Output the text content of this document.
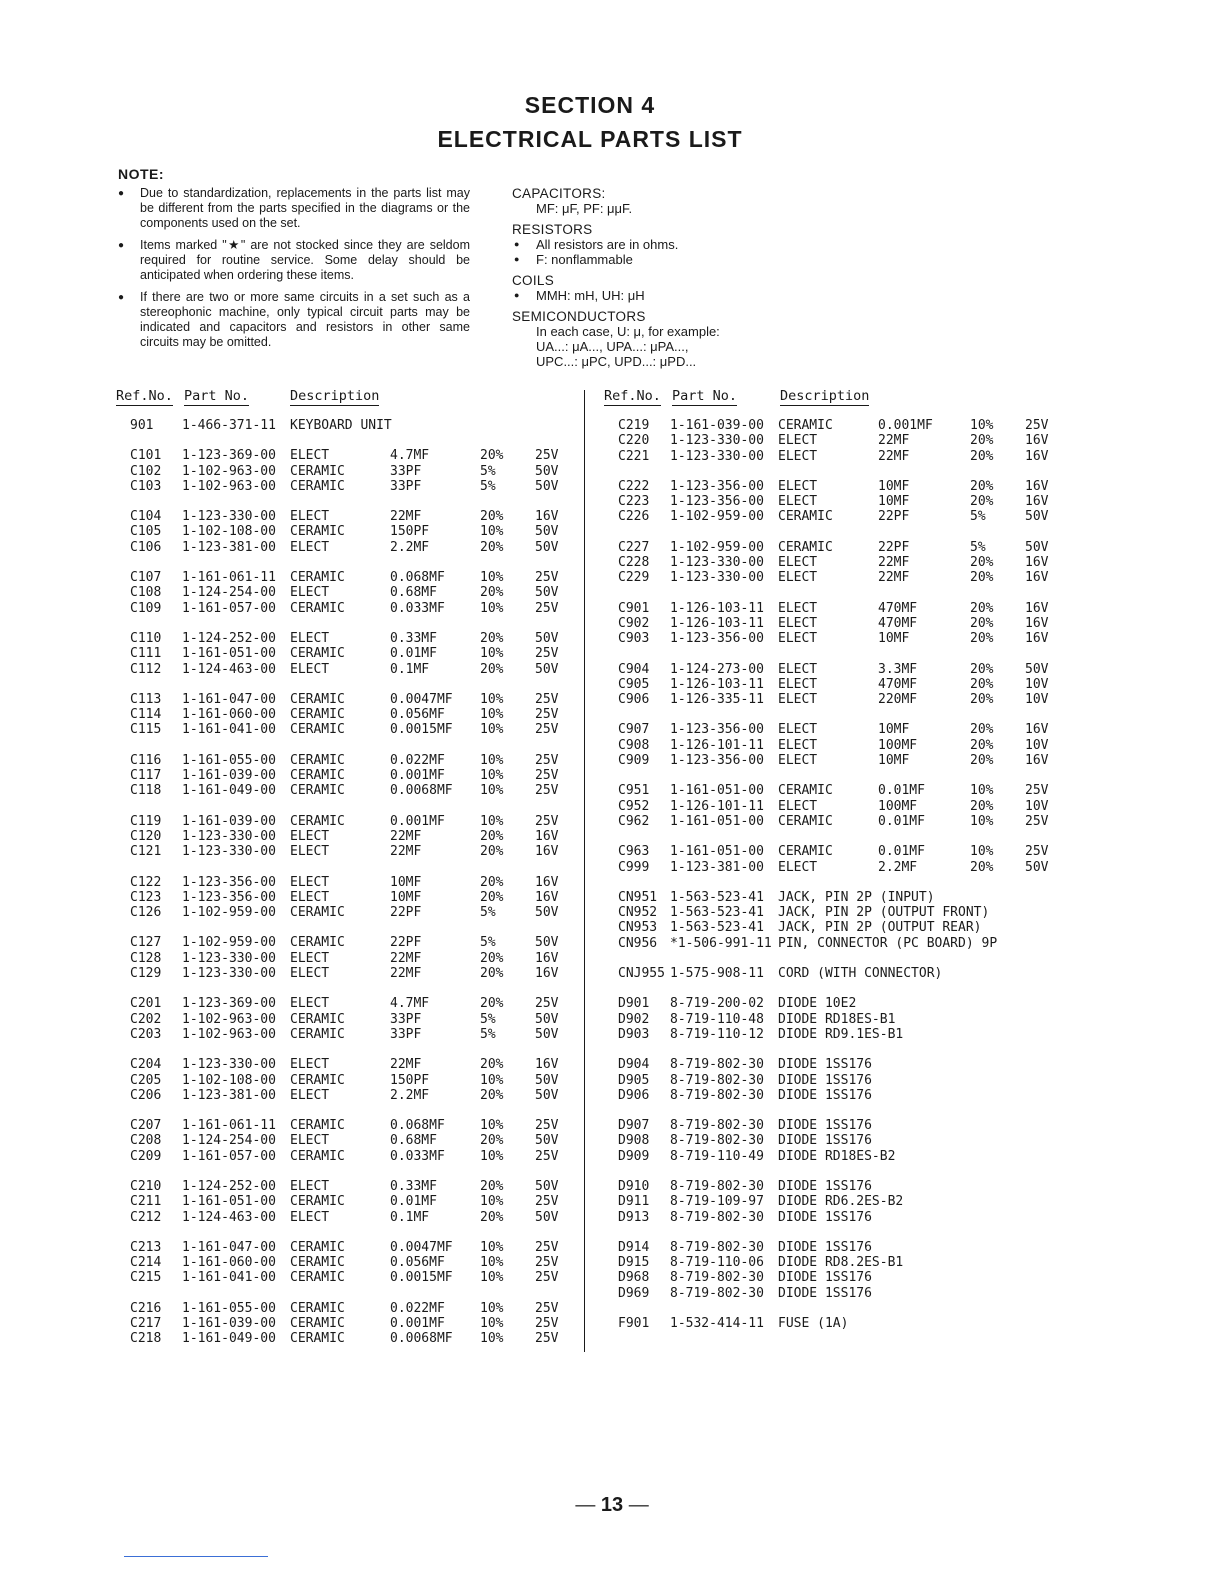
SECTION 4
ELECTRICAL PARTS LIST
NOTE:
● Due to standardization, replacements in the parts list may be different from the parts specified in the diagrams or the components used on the set.
● Items marked "★" are not stocked since they are seldom required for routine service. Some delay should be anticipated when ordering these items.
● If there are two or more same circuits in a set such as a stereophonic machine, only typical circuit parts may be indicated and capacitors and resistors in other same circuits may be omitted.
CAPACITORS:
MF: μF, PF: μμF.
RESISTORS
● All resistors are in ohms.
● F: nonflammable
COILS
● MMH: mH, UH: μH
SEMICONDUCTORS
In each case, U: μ, for example:
UA...: μA..., UPA...: μPA...,
UPC...: μPC, UPD...: μPD...
Ref.No. Part No.	Description	Ref.No. Part No.	Description
901 1-466-371-11 KEYBOARD UNIT
C101 1-123-369-00 ELECT	4.7MF	20% 25V
C102 1-102-963-00 CERAMIC	33PF	5%	50V
C103 1-102-963-00 CERAMIC	33PF	5%	50V
C104 1-123-330-00 ELECT	22MF	20% 16V
C105 1-102-108-00 CERAMIC	150PF	10% 50V
C106 1-123-381-00 ELECT	2.2MF	20% 50V
C107 1-161-061-11 CERAMIC	0.068MF	10% 25V
C108 1-124-254-00 ELECT	0.68MF	20% 50V
C109 1-161-057-00 CERAMIC	0.033MF	10% 25V
C110 1-124-252-00 ELECT	0.33MF	20% 50V
C111 1-161-051-00 CERAMIC	0.01MF	10% 25V
C112 1-124-463-00 ELECT	0.1MF	20% 50V
C113 1-161-047-00 CERAMIC	0.0047MF 10% 25V
C114 1-161-060-00 CERAMIC	0.056MF	10% 25V
C115 1-161-041-00 CERAMIC	0.0015MF 10% 25V
C116 1-161-055-00 CERAMIC	0.022MF	10% 25V
C117 1-161-039-00 CERAMIC	0.001MF	10% 25V
C118 1-161-049-00 CERAMIC	0.0068MF 10% 25V
C119 1-161-039-00 CERAMIC	0.001MF	10% 25V
C120 1-123-330-00 ELECT	22MF	20% 16V
C121 1-123-330-00 ELECT	22MF	20% 16V
C122 1-123-356-00 ELECT	10MF	20% 16V
C123 1-123-356-00 ELECT	10MF	20% 16V
C126 1-102-959-00 CERAMIC	22PF	5%	50V
C127 1-102-959-00 CERAMIC	22PF	5%	50V
C128 1-123-330-00 ELECT	22MF	20% 16V
C129 1-123-330-00 ELECT	22MF	20% 16V
C201 1-123-369-00 ELECT	4.7MF	20% 25V
C202 1-102-963-00 CERAMIC	33PF	5%	50V
C203 1-102-963-00 CERAMIC	33PF	5%	50V
C204 1-123-330-00 ELECT	22MF	20% 16V
C205 1-102-108-00 CERAMIC	150PF	10% 50V
C206 1-123-381-00 ELECT	2.2MF	20% 50V
C207 1-161-061-11 CERAMIC	0.068MF	10% 25V
C208 1-124-254-00 ELECT	0.68MF	20% 50V
C209 1-161-057-00 CERAMIC	0.033MF	10% 25V
C210 1-124-252-00 ELECT	0.33MF	20% 50V
C211 1-161-051-00 CERAMIC	0.01MF	10% 25V
C212 1-124-463-00 ELECT	0.1MF	20% 50V
C213 1-161-047-00 CERAMIC	0.0047MF 10% 25V
C214 1-161-060-00 CERAMIC	0.056MF	10% 25V
C215 1-161-041-00 CERAMIC	0.0015MF 10% 25V
C216 1-161-055-00 CERAMIC	0.022MF	10% 25V
C217 1-161-039-00 CERAMIC	0.001MF	10% 25V
C218 1-161-049-00 CERAMIC	0.0068MF 10% 25V
C219 1-161-039-00 CERAMIC	0.001MF	10% 25V
C220 1-123-330-00 ELECT	22MF	20% 16V
C221 1-123-330-00 ELECT	22MF	20% 16V
C222 1-123-356-00 ELECT	10MF	20% 16V
C223 1-123-356-00 ELECT	10MF	20% 16V
C226 1-102-959-00 CERAMIC	22PF	5%	50V
C227 1-102-959-00 CERAMIC	22PF	5%	50V
C228 1-123-330-00 ELECT	22MF	20% 16V
C229 1-123-330-00 ELECT	22MF	20% 16V
C901 1-126-103-11 ELECT	470MF	20% 16V
C902 1-126-103-11 ELECT	470MF	20% 16V
C903 1-123-356-00 ELECT	10MF	20% 16V
C904 1-124-273-00 ELECT	3.3MF	20% 50V
C905 1-126-103-11 ELECT	470MF	20% 10V
C906 1-126-335-11 ELECT	220MF	20% 10V
C907 1-123-356-00 ELECT	10MF	20% 16V
C908 1-126-101-11 ELECT	100MF	20% 10V
C909 1-123-356-00 ELECT	10MF	20% 16V
C951 1-161-051-00 CERAMIC	0.01MF	10% 25V
C952 1-126-101-11 ELECT	100MF	20% 10V
C962 1-161-051-00 CERAMIC	0.01MF	10% 25V
C963 1-161-051-00 CERAMIC	0.01MF	10% 25V
C999 1-123-381-00 ELECT	2.2MF	20% 50V
CN951 1-563-523-41 JACK, PIN 2P (INPUT)
CN952 1-563-523-41 JACK, PIN 2P (OUTPUT FRONT)
CN953 1-563-523-41 JACK, PIN 2P (OUTPUT REAR)
CN956 *1-506-991-11 PIN, CONNECTOR (PC BOARD) 9P
CNJ955 1-575-908-11 CORD (WITH CONNECTOR)
D901 8-719-200-02 DIODE 10E2
D902 8-719-110-48 DIODE RD18ES-B1
D903 8-719-110-12 DIODE RD9.1ES-B1
D904 8-719-802-30 DIODE 1SS176
D905 8-719-802-30 DIODE 1SS176
D906 8-719-802-30 DIODE 1SS176
D907 8-719-802-30 DIODE 1SS176
D908 8-719-802-30 DIODE 1SS176
D909 8-719-110-49 DIODE RD18ES-B2
D910 8-719-802-30 DIODE 1SS176
D911 8-719-109-97 DIODE RD6.2ES-B2
D913 8-719-802-30 DIODE 1SS176
D914 8-719-802-30 DIODE 1SS176
D915 8-719-110-06 DIODE RD8.2ES-B1
D968 8-719-802-30 DIODE 1SS176
D969 8-719-802-30 DIODE 1SS176
F901 1-532-414-11 FUSE (1A)
— 13 —
